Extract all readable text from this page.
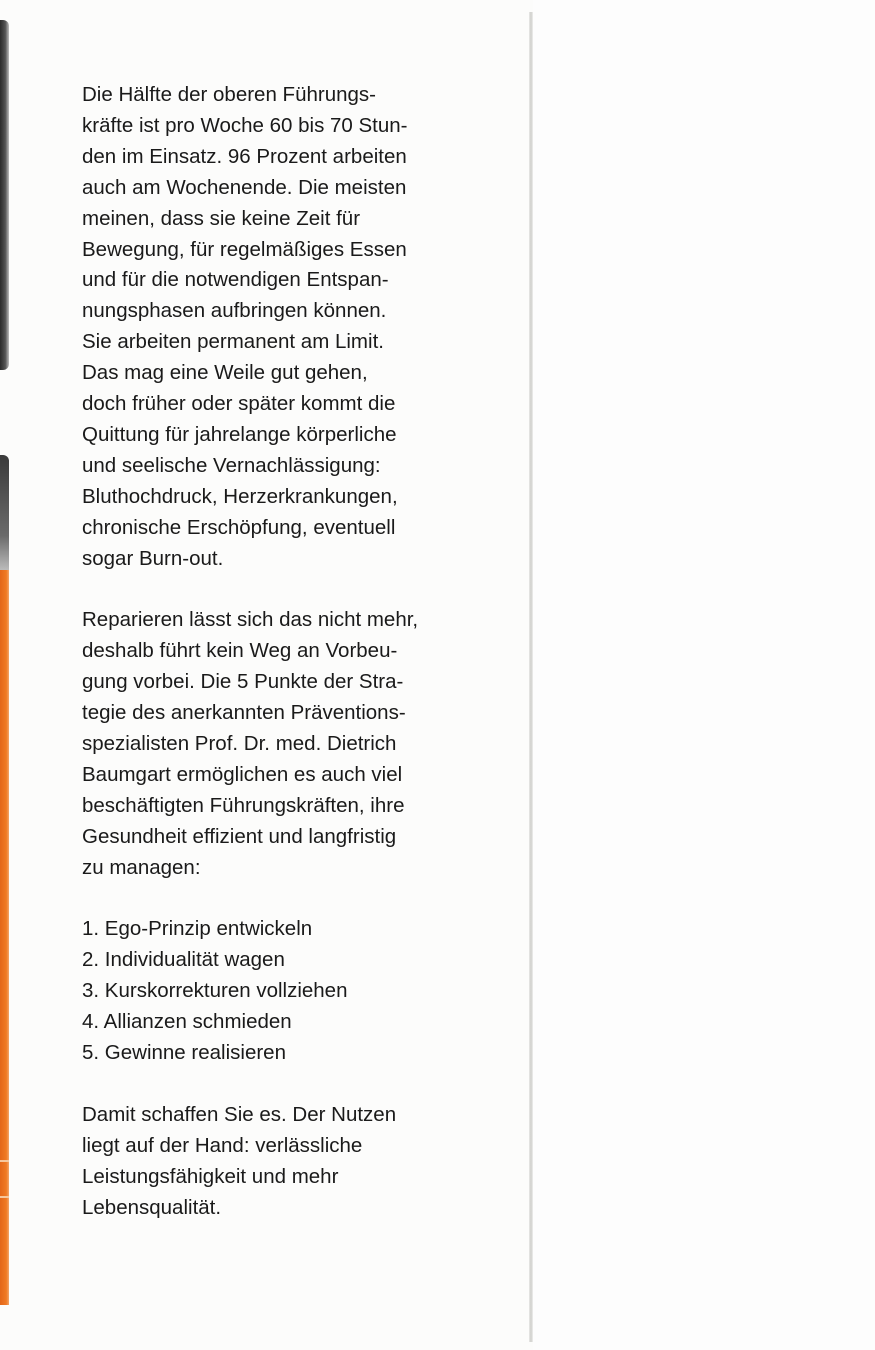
Die Hälfte der oberen Führungs-
kräfte ist pro Woche 60 bis 70 Stun-
den im Einsatz. 96 Prozent arbeiten
auch am Wochenende. Die meisten
meinen, dass sie keine Zeit für
Bewegung, für regelmäßiges Essen
und für die notwendigen Entspan-
nungsphasen aufbringen können.
Sie arbeiten permanent am Limit.
Das mag eine Weile gut gehen,
doch früher oder später kommt die
Quittung für jahrelange körperliche
und seelische Vernachlässigung:
Bluthochdruck, Herzerkrankungen,
chronische Erschöpfung, eventuell
sogar Burn-out.

Reparieren lässt sich das nicht mehr,
deshalb führt kein Weg an Vorbeu-
gung vorbei. Die 5 Punkte der Stra-
tegie des anerkannten Präventions-
spezialisten Prof. Dr. med. Dietrich
Baumgart ermöglichen es auch viel
beschäftigten Führungskräften, ihre
Gesundheit effizient und langfristig
zu managen:

1. Ego-Prinzip entwickeln
2. Individualität wagen
3. Kurskorrekturen vollziehen
4. Allianzen schmieden
5. Gewinne realisieren

Damit schaffen Sie es. Der Nutzen
liegt auf der Hand: verlässliche
Leistungsfähigkeit und mehr
Lebensqualität.
